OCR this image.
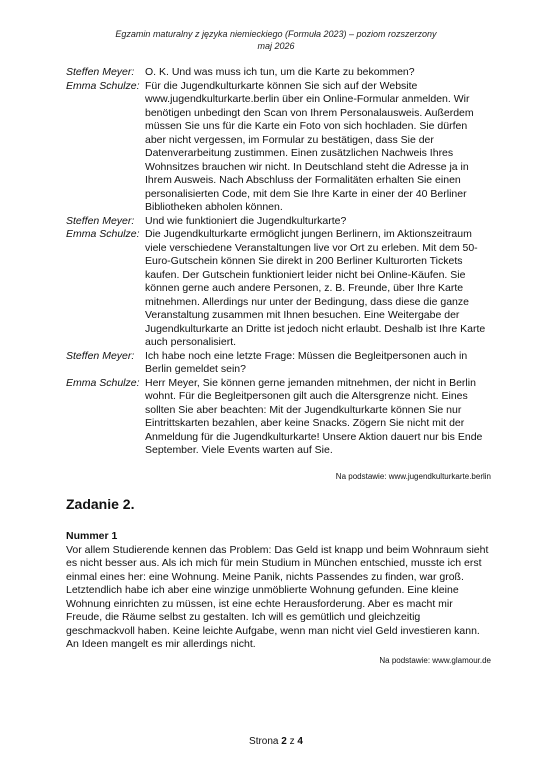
Egzamin maturalny z języka niemieckiego (Formuła 2023) – poziom rozszerzony
maj 2026
Steffen Meyer:	O. K. Und was muss ich tun, um die Karte zu bekommen?
Emma Schulze: Für die Jugendkulturkarte können Sie sich auf der Website www.jugendkulturkarte.berlin über ein Online-Formular anmelden. Wir benötigen unbedingt den Scan von Ihrem Personalausweis. Außerdem müssen Sie uns für die Karte ein Foto von sich hochladen. Sie dürfen aber nicht vergessen, im Formular zu bestätigen, dass Sie der Datenverarbeitung zustimmen. Einen zusätzlichen Nachweis Ihres Wohnsitzes brauchen wir nicht. In Deutschland steht die Adresse ja in Ihrem Ausweis. Nach Abschluss der Formalitäten erhalten Sie einen personalisierten Code, mit dem Sie Ihre Karte in einer der 40 Berliner Bibliotheken abholen können.
Steffen Meyer:	Und wie funktioniert die Jugendkulturkarte?
Emma Schulze: Die Jugendkulturkarte ermöglicht jungen Berlinern, im Aktionszeitraum viele verschiedene Veranstaltungen live vor Ort zu erleben. Mit dem 50-Euro-Gutschein können Sie direkt in 200 Berliner Kulturorten Tickets kaufen. Der Gutschein funktioniert leider nicht bei Online-Käufen. Sie können gerne auch andere Personen, z. B. Freunde, über Ihre Karte mitnehmen. Allerdings nur unter der Bedingung, dass diese die ganze Veranstaltung zusammen mit Ihnen besuchen. Eine Weitergabe der Jugendkulturkarte an Dritte ist jedoch nicht erlaubt. Deshalb ist Ihre Karte auch personalisiert.
Steffen Meyer:	Ich habe noch eine letzte Frage: Müssen die Begleitpersonen auch in Berlin gemeldet sein?
Emma Schulze: Herr Meyer, Sie können gerne jemanden mitnehmen, der nicht in Berlin wohnt. Für die Begleitpersonen gilt auch die Altersgrenze nicht. Eines sollten Sie aber beachten: Mit der Jugendkulturkarte können Sie nur Eintrittskarten bezahlen, aber keine Snacks. Zögern Sie nicht mit der Anmeldung für die Jugendkulturkarte! Unsere Aktion dauert nur bis Ende September. Viele Events warten auf Sie.
Na podstawie: www.jugendkulturkarte.berlin
Zadanie 2.
Nummer 1
Vor allem Studierende kennen das Problem: Das Geld ist knapp und beim Wohnraum sieht es nicht besser aus. Als ich mich für mein Studium in München entschied, musste ich erst einmal eines her: eine Wohnung. Meine Panik, nichts Passendes zu finden, war groß. Letztendlich habe ich aber eine winzige unmöblierte Wohnung gefunden. Eine kleine Wohnung einrichten zu müssen, ist eine echte Herausforderung. Aber es macht mir Freude, die Räume selbst zu gestalten. Ich will es gemütlich und gleichzeitig geschmackvoll haben. Keine leichte Aufgabe, wenn man nicht viel Geld investieren kann. An Ideen mangelt es mir allerdings nicht.
Na podstawie: www.glamour.de
Strona 2 z 4
